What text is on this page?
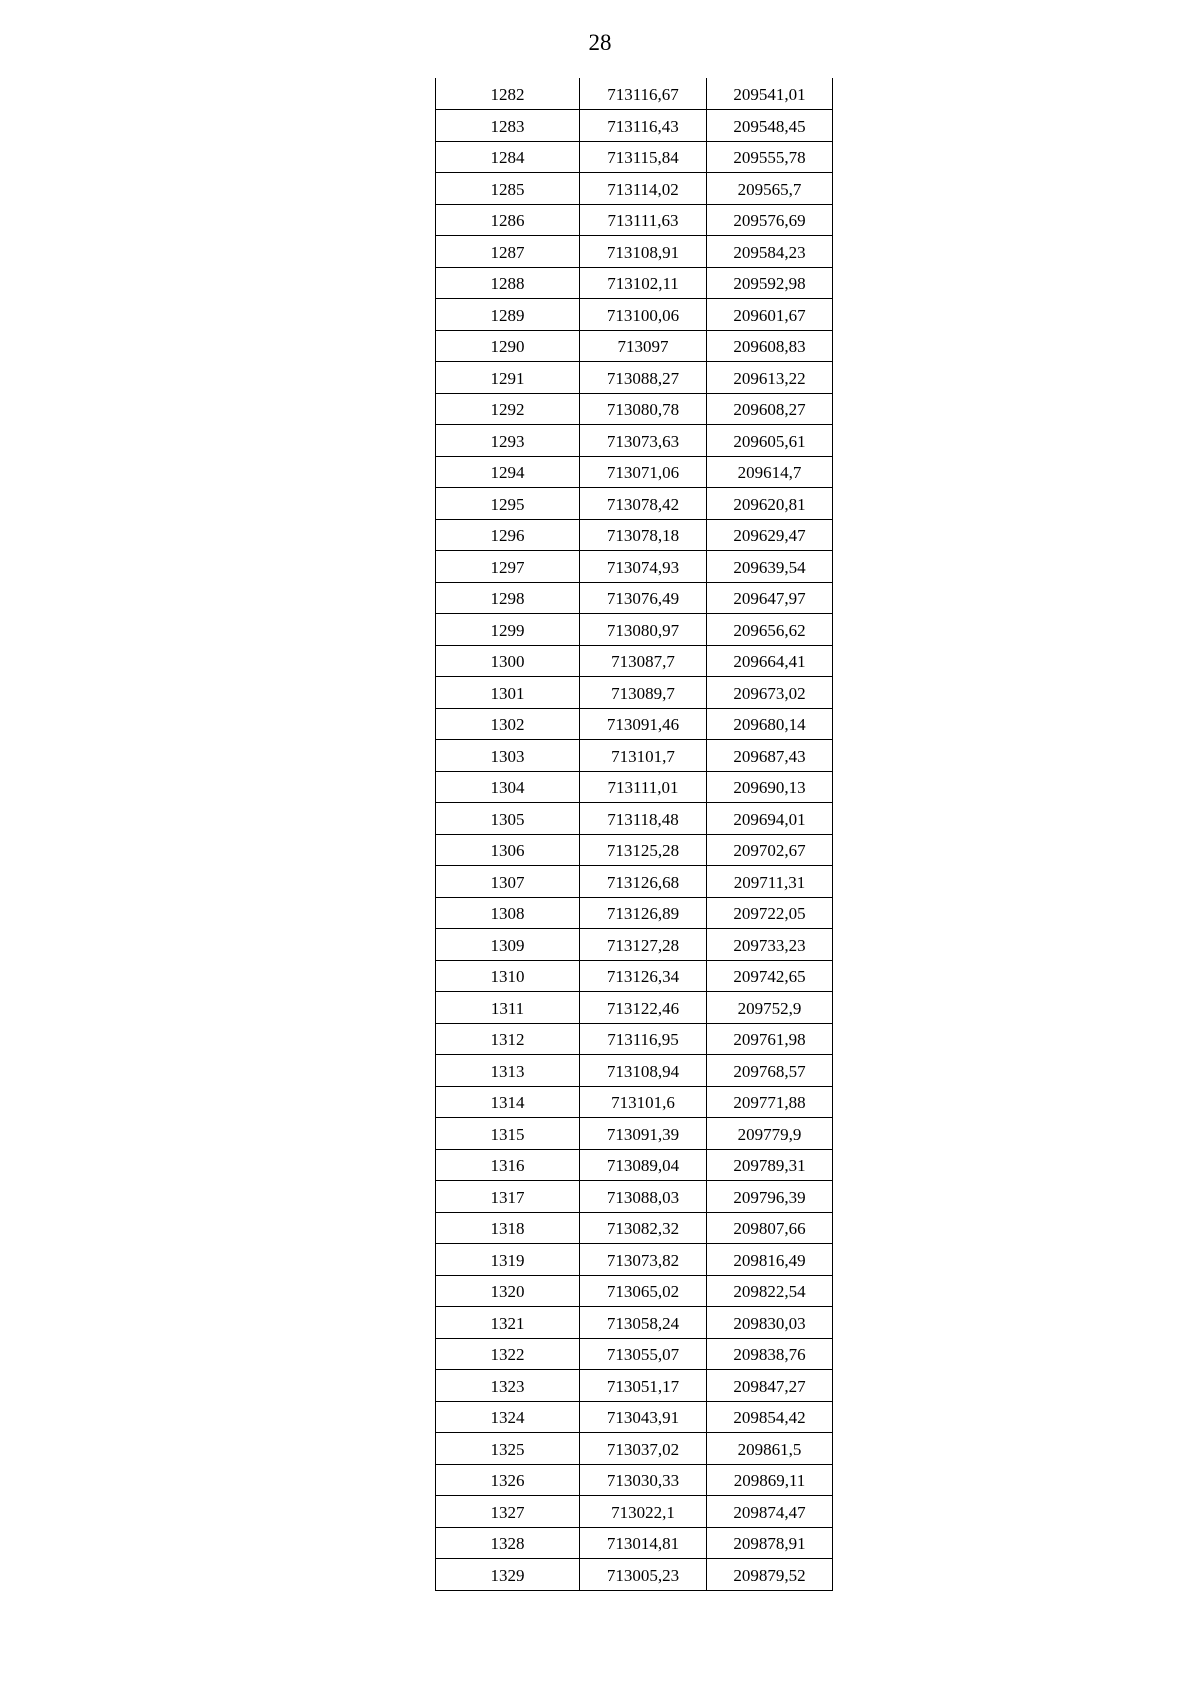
28
1282	713116,67	209541,01
1283	713116,43	209548,45
1284	713115,84	209555,78
1285	713114,02	209565,7
1286	713111,63	209576,69
1287	713108,91	209584,23
1288	713102,11	209592,98
1289	713100,06	209601,67
1290	713097	209608,83
1291	713088,27	209613,22
1292	713080,78	209608,27
1293	713073,63	209605,61
1294	713071,06	209614,7
1295	713078,42	209620,81
1296	713078,18	209629,47
1297	713074,93	209639,54
1298	713076,49	209647,97
1299	713080,97	209656,62
1300	713087,7	209664,41
1301	713089,7	209673,02
1302	713091,46	209680,14
1303	713101,7	209687,43
1304	713111,01	209690,13
1305	713118,48	209694,01
1306	713125,28	209702,67
1307	713126,68	209711,31
1308	713126,89	209722,05
1309	713127,28	209733,23
1310	713126,34	209742,65
1311	713122,46	209752,9
1312	713116,95	209761,98
1313	713108,94	209768,57
1314	713101,6	209771,88
1315	713091,39	209779,9
1316	713089,04	209789,31
1317	713088,03	209796,39
1318	713082,32	209807,66
1319	713073,82	209816,49
1320	713065,02	209822,54
1321	713058,24	209830,03
1322	713055,07	209838,76
1323	713051,17	209847,27
1324	713043,91	209854,42
1325	713037,02	209861,5
1326	713030,33	209869,11
1327	713022,1	209874,47
1328	713014,81	209878,91
1329	713005,23	209879,52
